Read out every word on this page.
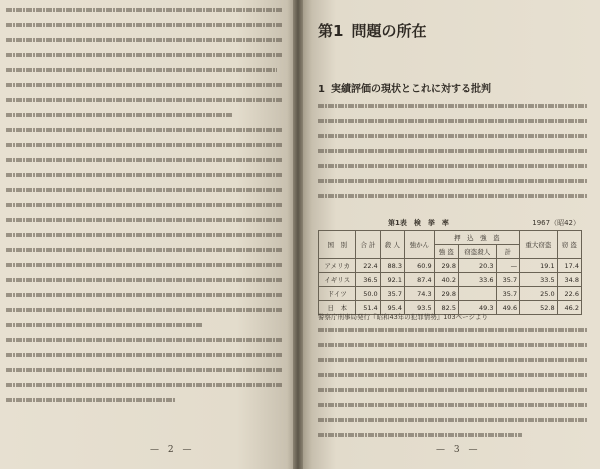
— 2 —	— 3 —
第1 問題の所在
1 実績評価の現状とこれに対する批判
第1表　検　挙　率	1967（昭42）
国　別	合 計	殺 人	強かん	押　込　強　盗			重大窃盗	窃 盗
				強 盗	窃盗殺人	計		
アメリカ	22.4	88.3	60.9	29.8	20.3	—	19.1	17.4
イギリス	36.5	92.1	87.4	40.2	33.6	35.7	33.5	34.8
ドイツ	50.0	35.7	74.3	29.8		35.7	25.0	22.6
日　本	51.4	95.4	93.5	82.5	49.3	49.6	52.8	46.2
警察庁刑事局発行『昭和43年の犯罪情勢』103ページより
